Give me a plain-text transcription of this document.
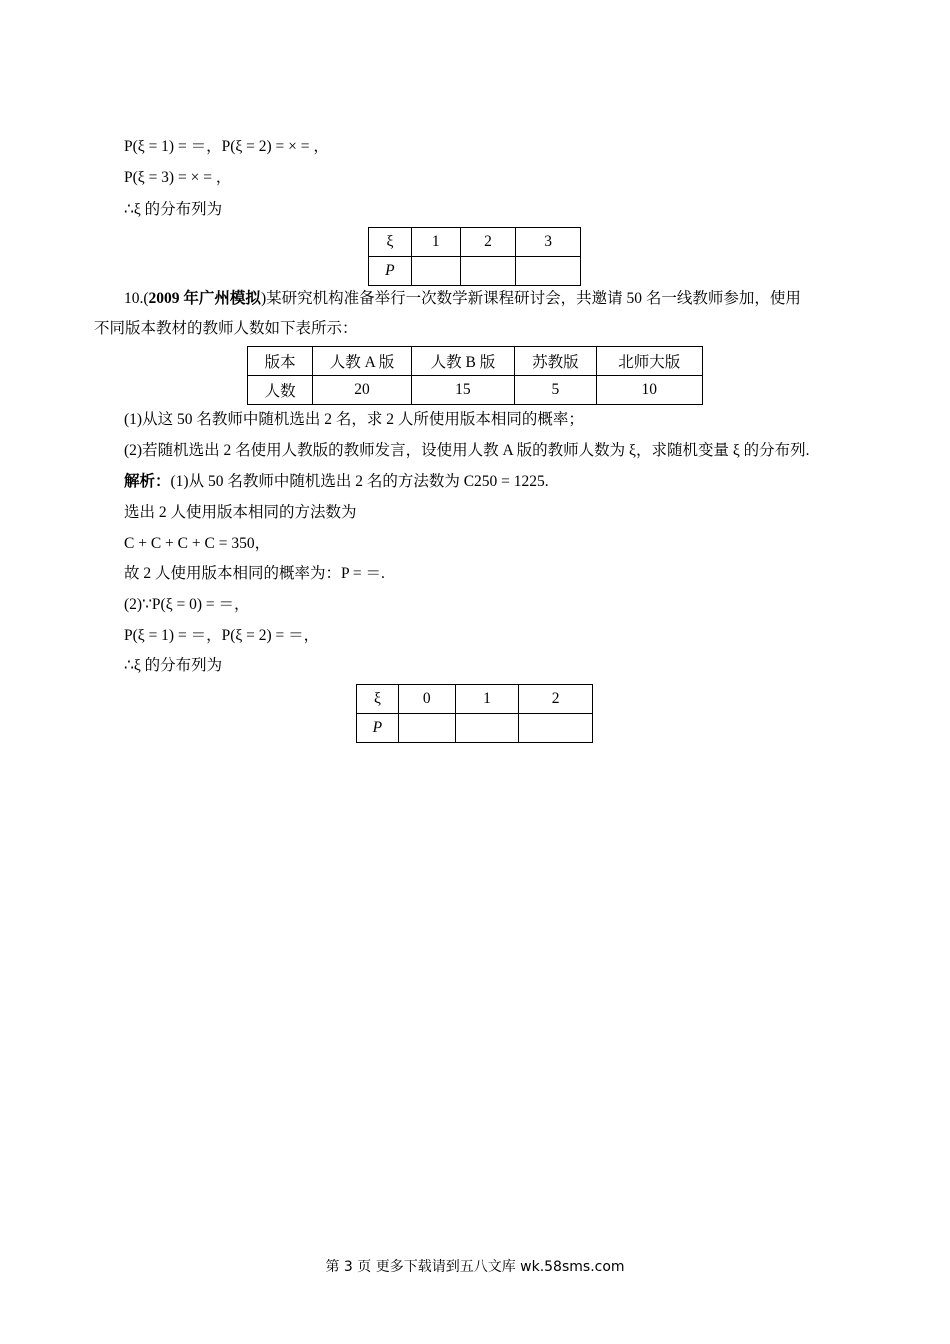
P(ξ = 1) = ＝，P(ξ = 2) = × = ，
P(ξ = 3) = × = ，
∴ξ 的分布列为
ξ	1	2	3
P			
10.(2009 年广州模拟)某研究机构准备举行一次数学新课程研讨会，共邀请 50 名一线教师参加，使用
不同版本教材的教师人数如下表所示：
版本	人教 A 版	人教 B 版	苏教版	北师大版
人数	20	15	5	10
(1)从这 50 名教师中随机选出 2 名，求 2 人所使用版本相同的概率；
(2)若随机选出 2 名使用人教版的教师发言，设使用人教 A 版的教师人数为 ξ，求随机变量 ξ 的分布列.
解析：(1)从 50 名教师中随机选出 2 名的方法数为 C250 = 1225.
选出 2 人使用版本相同的方法数为
C + C + C + C = 350，
故 2 人使用版本相同的概率为：P = ＝.
(2)∵P(ξ = 0) = ＝，
P(ξ = 1) = ＝，P(ξ = 2) = ＝，
∴ξ 的分布列为
ξ	0	1	2
P			
第 3 页 更多下载请到五八文库 wk.58sms.com
